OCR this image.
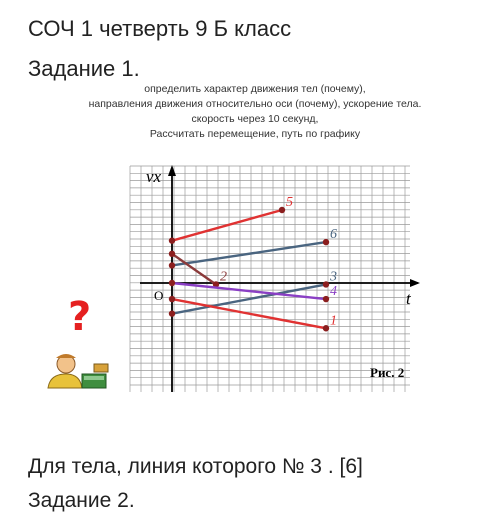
СОЧ 1 четверть 9 Б класс
Задание 1.
определить характер движения тел (почему),
направления движения относительно оси (почему), ускорение тела.
скорость через 10 секунд,
Рассчитать перемещение, путь по графику
vx
t
O
5
6
2	3
4
1
Рис. 2
?
Для тела, линия которого № 3 . [6]
Задание 2.
